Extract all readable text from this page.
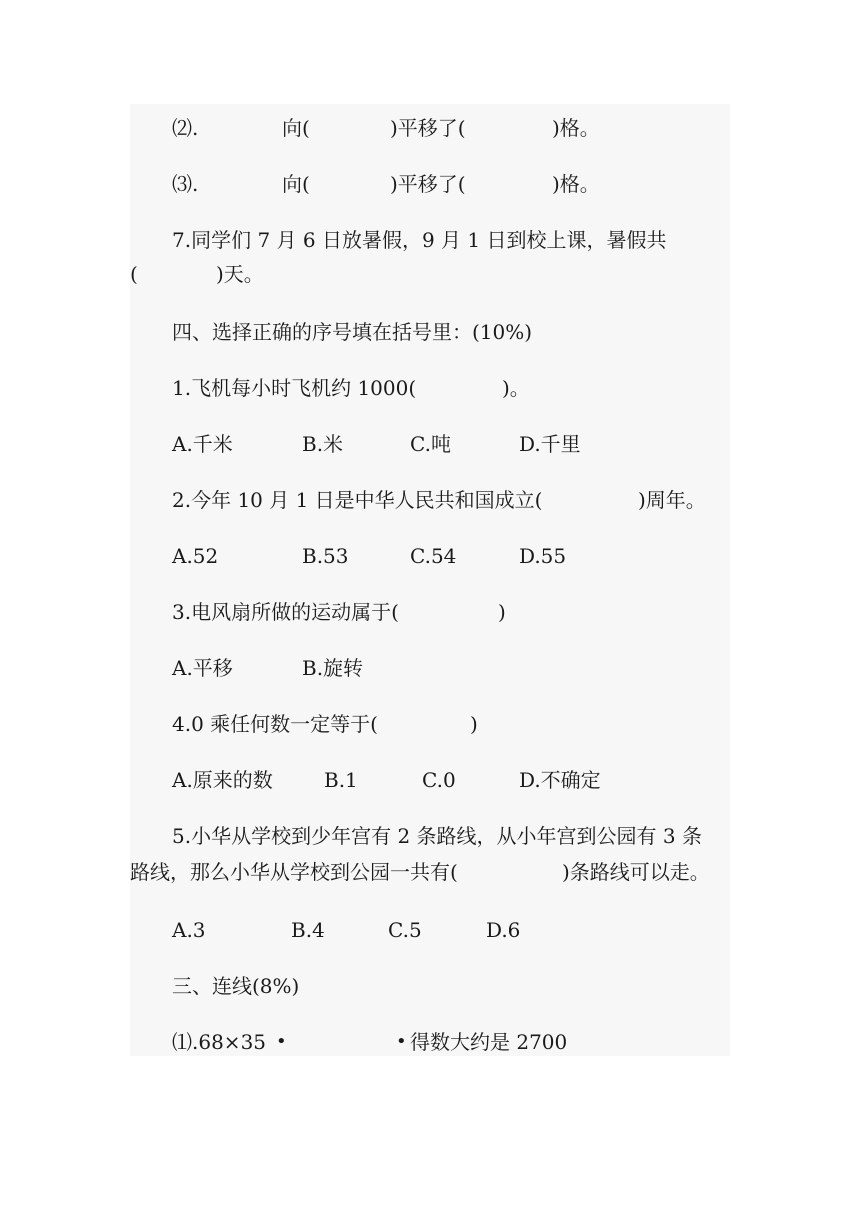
⑵.	向(	)平移了(	)格。
⑶.	向(	)平移了(	)格。
7.同学们 7 月 6 日放暑假，9 月 1 日到校上课，暑假共
(	)天。
四、选择正确的序号填在括号里：(10%)
1.飞机每小时飞机约 1000(	)。
A.千米	B.米	C.吨	D.千里
2.今年 10 月 1 日是中华人民共和国成立(	)周年。
A.52	B.53	C.54	D.55
3.电风扇所做的运动属于(	)
A.平移	B.旋转
4.0 乘任何数一定等于(	)
A.原来的数	B.1	C.0	D.不确定
5.小华从学校到少年宫有 2 条路线，从小年宫到公园有 3 条
路线，那么小华从学校到公园一共有(	)条路线可以走。
A.3	B.4	C.5	D.6
三、连线(8%)
⑴.68×35 •	• 得数大约是 2700
